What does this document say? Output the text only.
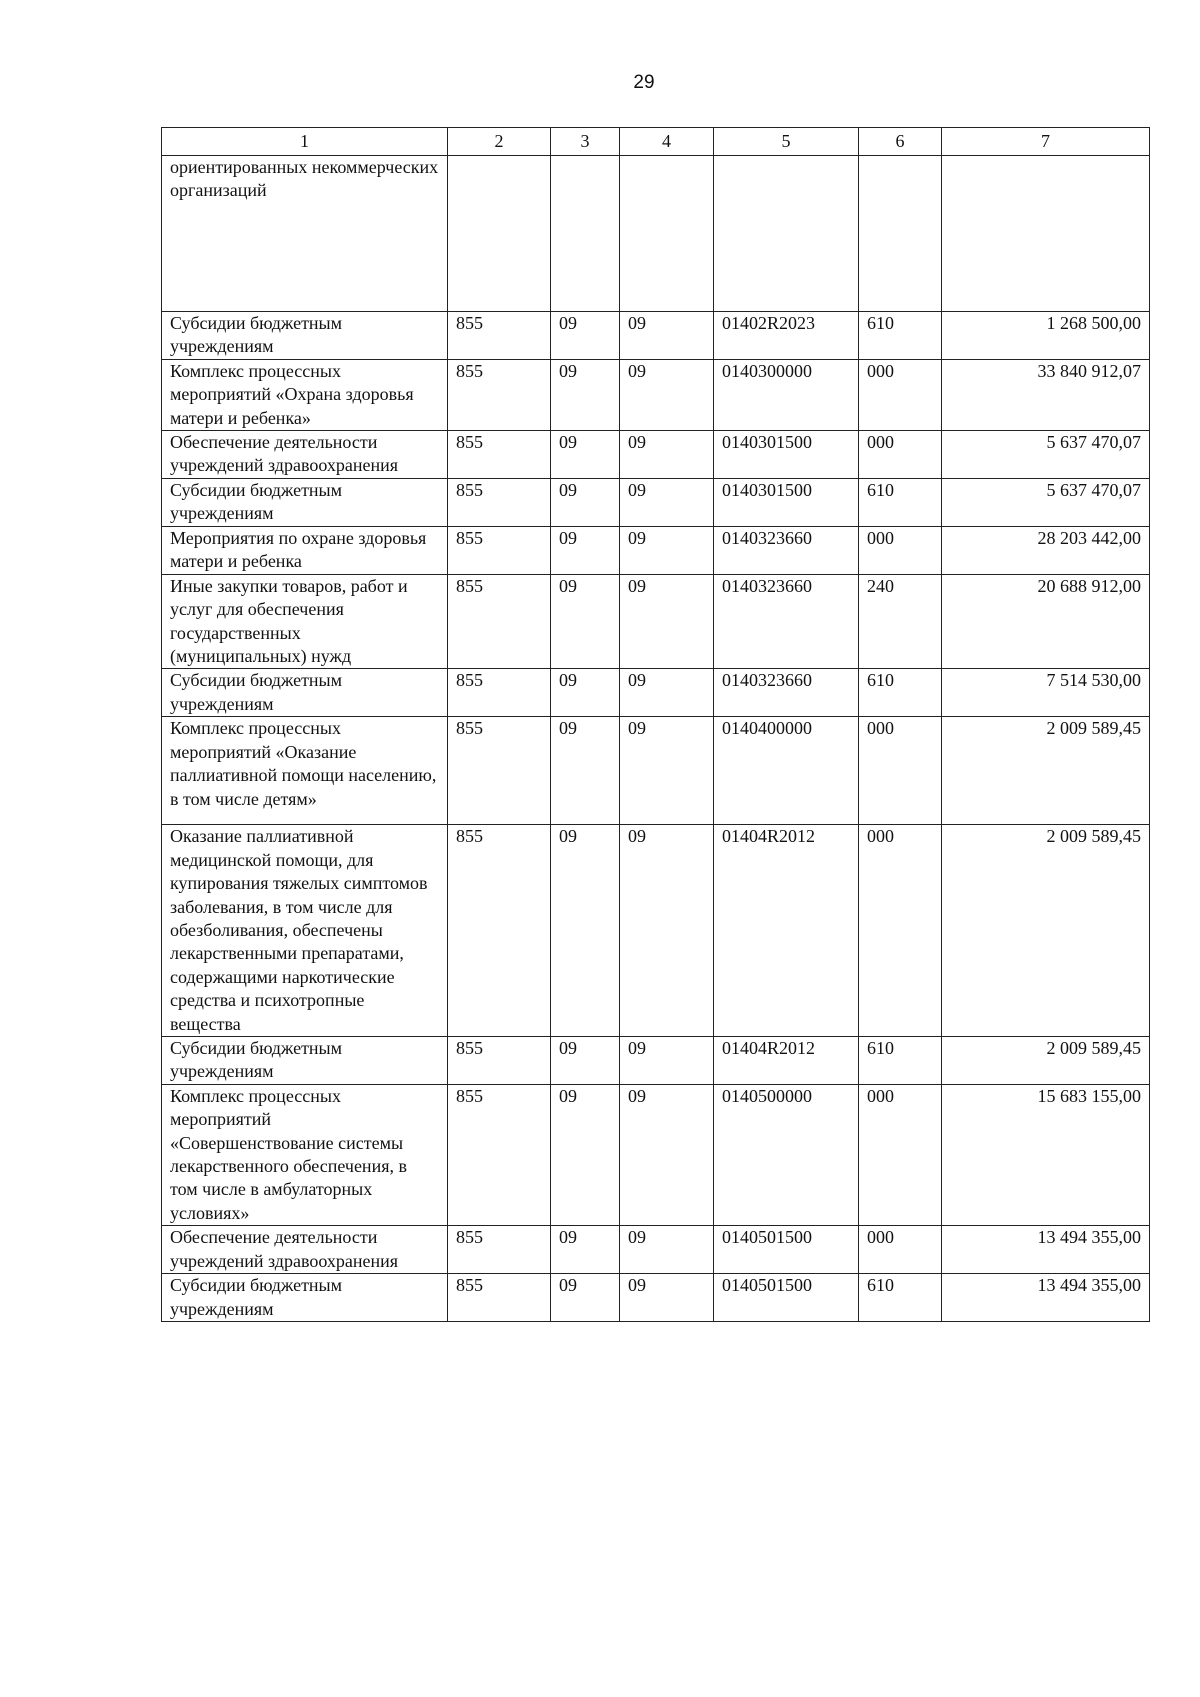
29
1	2	3	4	5	6	7
ориентированных некоммерческих организаций						
Субсидии бюджетным учреждениям	855	09	09	01402R2023	610	1 268 500,00
Комплекс процессных мероприятий «Охрана здоровья матери и ребенка»	855	09	09	0140300000	000	33 840 912,07
Обеспечение деятельности учреждений здравоохранения	855	09	09	0140301500	000	5 637 470,07
Субсидии бюджетным учреждениям	855	09	09	0140301500	610	5 637 470,07
Мероприятия по охране здоровья матери и ребенка	855	09	09	0140323660	000	28 203 442,00
Иные закупки товаров, работ и услуг для обеспечения государственных (муниципальных) нужд	855	09	09	0140323660	240	20 688 912,00
Субсидии бюджетным учреждениям	855	09	09	0140323660	610	7 514 530,00
Комплекс процессных мероприятий «Оказание паллиативной помощи населению, в том числе детям»	855	09	09	0140400000	000	2 009 589,45
Оказание паллиативной медицинской помощи, для купирования тяжелых симптомов заболевания, в том числе для обезболивания, обеспечены лекарственными препаратами, содержащими наркотические средства и психотропные вещества	855	09	09	01404R2012	000	2 009 589,45
Субсидии бюджетным учреждениям	855	09	09	01404R2012	610	2 009 589,45
Комплекс процессных мероприятий «Совершенствование системы лекарственного обеспечения, в том числе в амбулаторных условиях»	855	09	09	0140500000	000	15 683 155,00
Обеспечение деятельности учреждений здравоохранения	855	09	09	0140501500	000	13 494 355,00
Субсидии бюджетным учреждениям	855	09	09	0140501500	610	13 494 355,00
